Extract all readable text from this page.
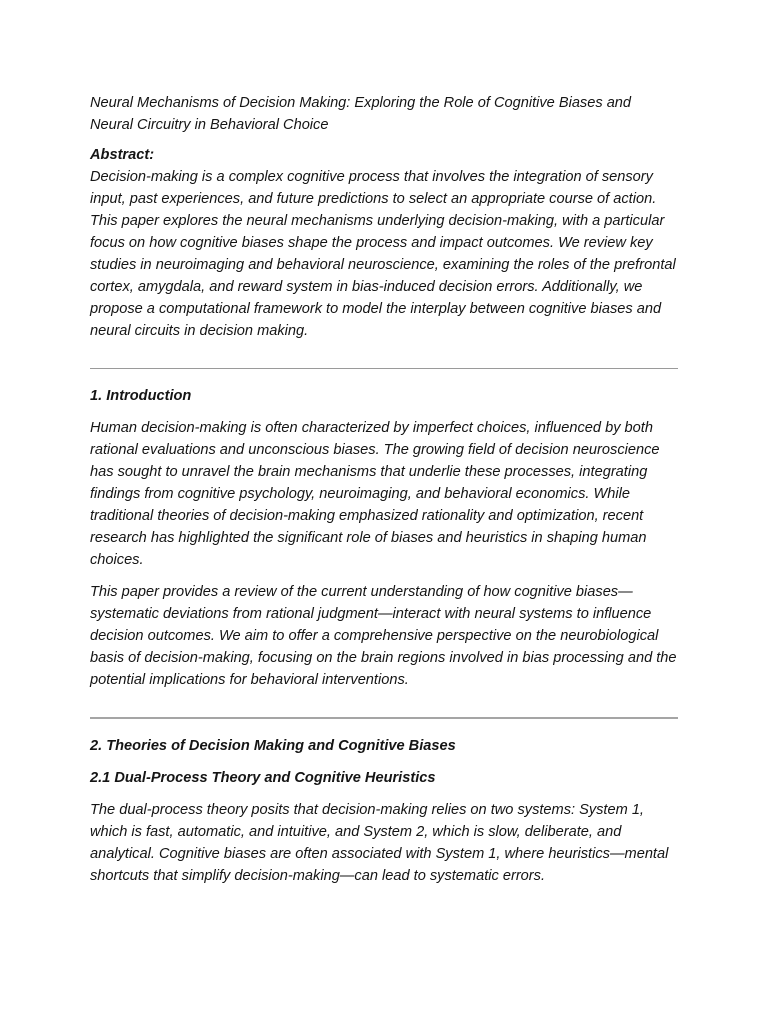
Neural Mechanisms of Decision Making: Exploring the Role of Cognitive Biases and Neural Circuitry in Behavioral Choice

Abstract:

Decision-making is a complex cognitive process that involves the integration of sensory input, past experiences, and future predictions to select an appropriate course of action. This paper explores the neural mechanisms underlying decision-making, with a particular focus on how cognitive biases shape the process and impact outcomes. We review key studies in neuroimaging and behavioral neuroscience, examining the roles of the prefrontal cortex, amygdala, and reward system in bias-induced decision errors. Additionally, we propose a computational framework to model the interplay between cognitive biases and neural circuits in decision making.

1. Introduction

Human decision-making is often characterized by imperfect choices, influenced by both rational evaluations and unconscious biases. The growing field of decision neuroscience has sought to unravel the brain mechanisms that underlie these processes, integrating findings from cognitive psychology, neuroimaging, and behavioral economics. While traditional theories of decision-making emphasized rationality and optimization, recent research has highlighted the significant role of biases and heuristics in shaping human choices.

This paper provides a review of the current understanding of how cognitive biases—systematic deviations from rational judgment—interact with neural systems to influence decision outcomes. We aim to offer a comprehensive perspective on the neurobiological basis of decision-making, focusing on the brain regions involved in bias processing and the potential implications for behavioral interventions.

2. Theories of Decision Making and Cognitive Biases

2.1 Dual-Process Theory and Cognitive Heuristics

The dual-process theory posits that decision-making relies on two systems: System 1, which is fast, automatic, and intuitive, and System 2, which is slow, deliberate, and analytical. Cognitive biases are often associated with System 1, where heuristics—mental shortcuts that simplify decision-making—can lead to systematic errors.
